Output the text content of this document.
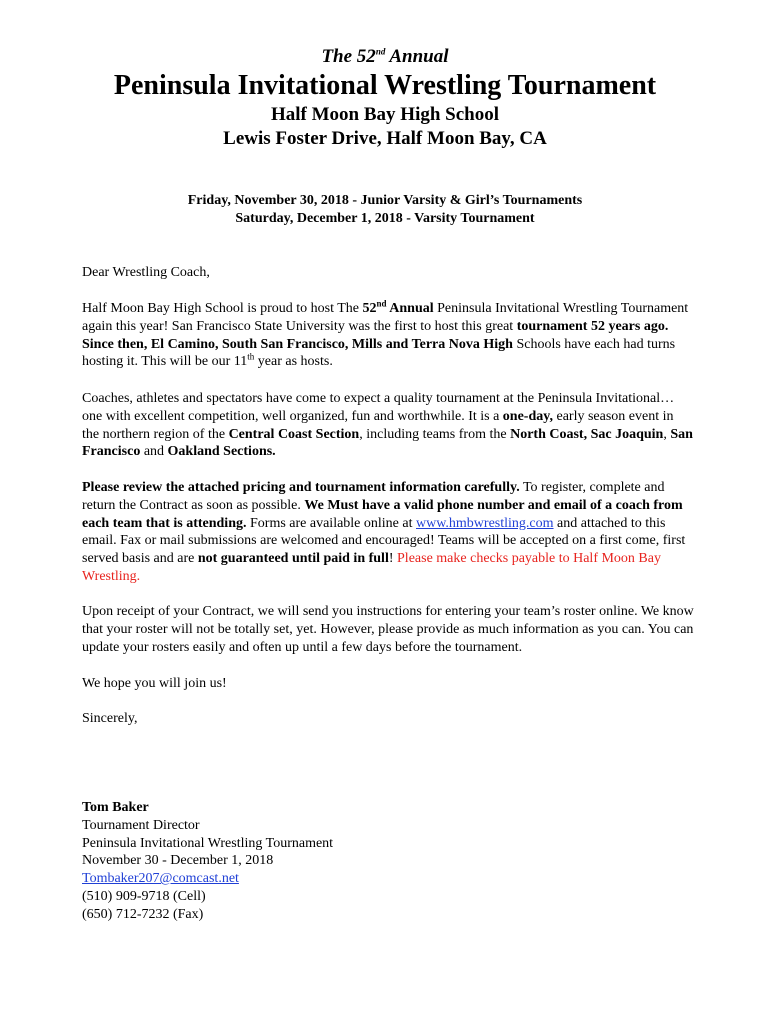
The 52nd Annual
Peninsula Invitational Wrestling Tournament
Half Moon Bay High School
Lewis Foster Drive, Half Moon Bay, CA
Friday, November 30, 2018 - Junior Varsity & Girl’s Tournaments
Saturday, December 1, 2018 - Varsity Tournament

Dear Wrestling Coach,

Half Moon Bay High School is proud to host The 52nd Annual Peninsula Invitational Wrestling Tournament again this year! San Francisco State University was the first to host this great tournament 52 years ago. Since then, El Camino, South San Francisco, Mills and Terra Nova High Schools have each had turns hosting it. This will be our 11th year as hosts.

Coaches, athletes and spectators have come to expect a quality tournament at the Peninsula Invitational… one with excellent competition, well organized, fun and worthwhile. It is a one-day, early season event in the northern region of the Central Coast Section, including teams from the North Coast, Sac Joaquin, San Francisco and Oakland Sections.

Please review the attached pricing and tournament information carefully. To register, complete and return the Contract as soon as possible. We Must have a valid phone number and email of a coach from each team that is attending. Forms are available online at www.hmbwrestling.com and attached to this email. Fax or mail submissions are welcomed and encouraged! Teams will be accepted on a first come, first served basis and are not guaranteed until paid in full! Please make checks payable to Half Moon Bay Wrestling.

Upon receipt of your Contract, we will send you instructions for entering your team’s roster online. We know that your roster will not be totally set, yet. However, please provide as much information as you can. You can update your rosters easily and often up until a few days before the tournament.

We hope you will join us!

Sincerely,

Tom Baker

Tournament Director

Peninsula Invitational Wrestling Tournament

November 30 - December 1, 2018

Tombaker207@comcast.net

(510) 909-9718 (Cell)

(650) 712-7232 (Fax)
